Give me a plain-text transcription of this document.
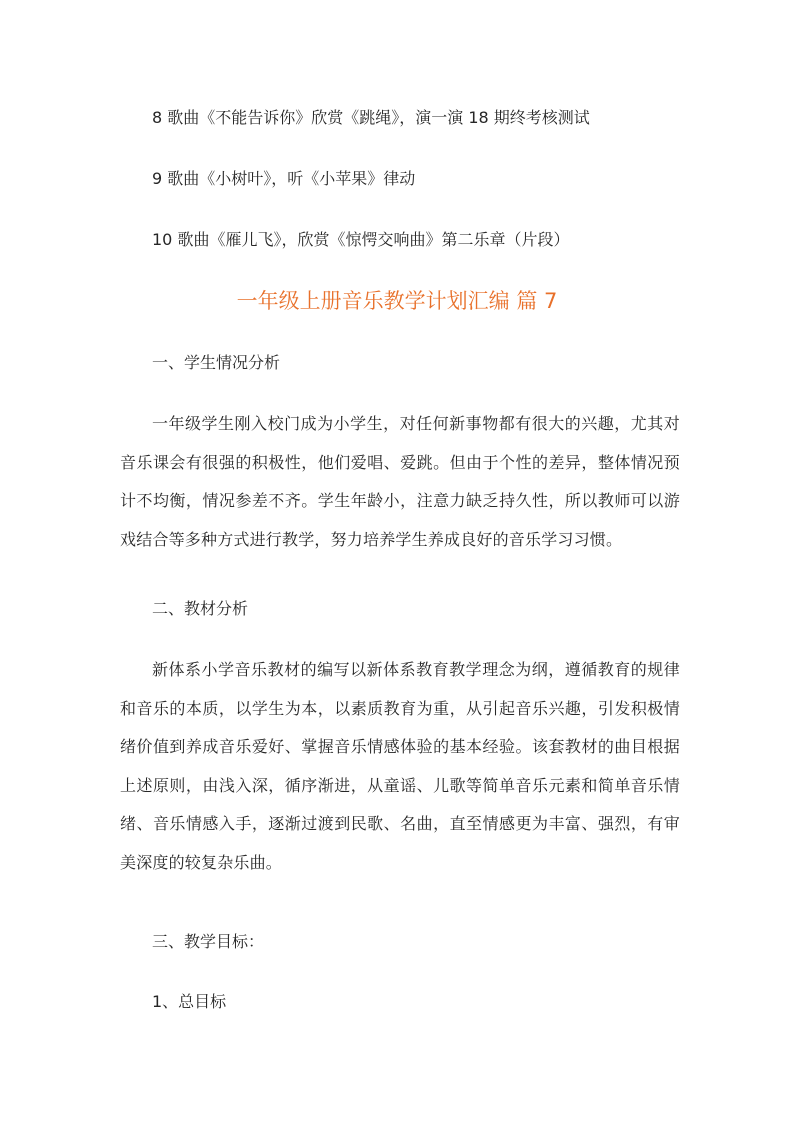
8 歌曲《不能告诉你》欣赏《跳绳》，演一演 18 期终考核测试
9 歌曲《小树叶》，听《小苹果》律动
10 歌曲《雁儿飞》，欣赏《惊愕交响曲》第二乐章（片段）
一年级上册音乐教学计划汇编 篇 7
一、学生情况分析
一年级学生刚入校门成为小学生，对任何新事物都有很大的兴趣，尤其对音乐课会有很强的积极性，他们爱唱、爱跳。但由于个性的差异，整体情况预计不均衡，情况参差不齐。学生年龄小，注意力缺乏持久性，所以教师可以游戏结合等多种方式进行教学，努力培养学生养成良好的音乐学习习惯。
二、教材分析
新体系小学音乐教材的编写以新体系教育教学理念为纲，遵循教育的规律和音乐的本质，以学生为本，以素质教育为重，从引起音乐兴趣，引发积极情绪价值到养成音乐爱好、掌握音乐情感体验的基本经验。该套教材的曲目根据上述原则，由浅入深，循序渐进，从童谣、儿歌等简单音乐元素和简单音乐情绪、音乐情感入手，逐渐过渡到民歌、名曲，直至情感更为丰富、强烈，有审美深度的较复杂乐曲。
三、教学目标：
1、总目标
